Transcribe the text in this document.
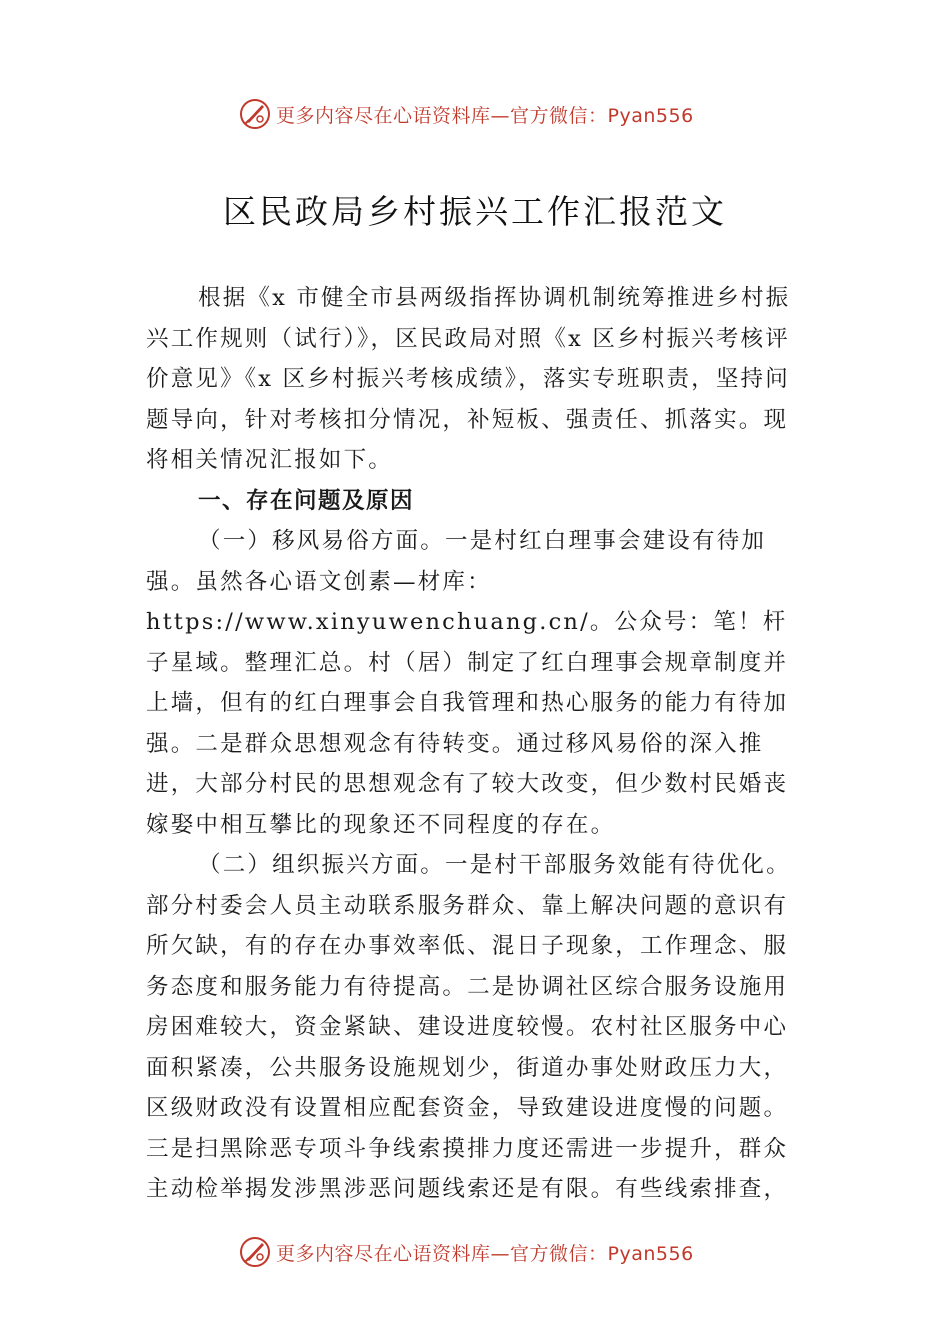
更多内容尽在心语资料库—官方微信：Pyan556
区民政局乡村振兴工作汇报范文

根据《x 市健全市县两级指挥协调机制统筹推进乡村振兴工作规则（试行）》，区民政局对照《x 区乡村振兴考核评价意见》《x 区乡村振兴考核成绩》，落实专班职责，坚持问题导向，针对考核扣分情况，补短板、强责任、抓落实。现将相关情况汇报如下。

一、存在问题及原因

（一）移风易俗方面。一是村红白理事会建设有待加强。虽然各心语文创素—材库：https://www.xinyuwenchuang.cn/。公众号：笔！杆子星域。整理汇总。村（居）制定了红白理事会规章制度并上墙，但有的红白理事会自我管理和热心服务的能力有待加强。二是群众思想观念有待转变。通过移风易俗的深入推进，大部分村民的思想观念有了较大改变，但少数村民婚丧嫁娶中相互攀比的现象还不同程度的存在。

（二）组织振兴方面。一是村干部服务效能有待优化。部分村委会人员主动联系服务群众、靠上解决问题的意识有所欠缺，有的存在办事效率低、混日子现象，工作理念、服务态度和服务能力有待提高。二是协调社区综合服务设施用房困难较大，资金紧缺、建设进度较慢。农村社区服务中心面积紧凑，公共服务设施规划少，街道办事处财政压力大， 区级财政没有设置相应配套资金，导致建设进度慢的问题。 三是扫黑除恶专项斗争线索摸排力度还需进一步提升，群众主动检举揭发涉黑涉恶问题线索还是有限。有些线索排查，

更多内容尽在心语资料库—官方微信：Pyan556
